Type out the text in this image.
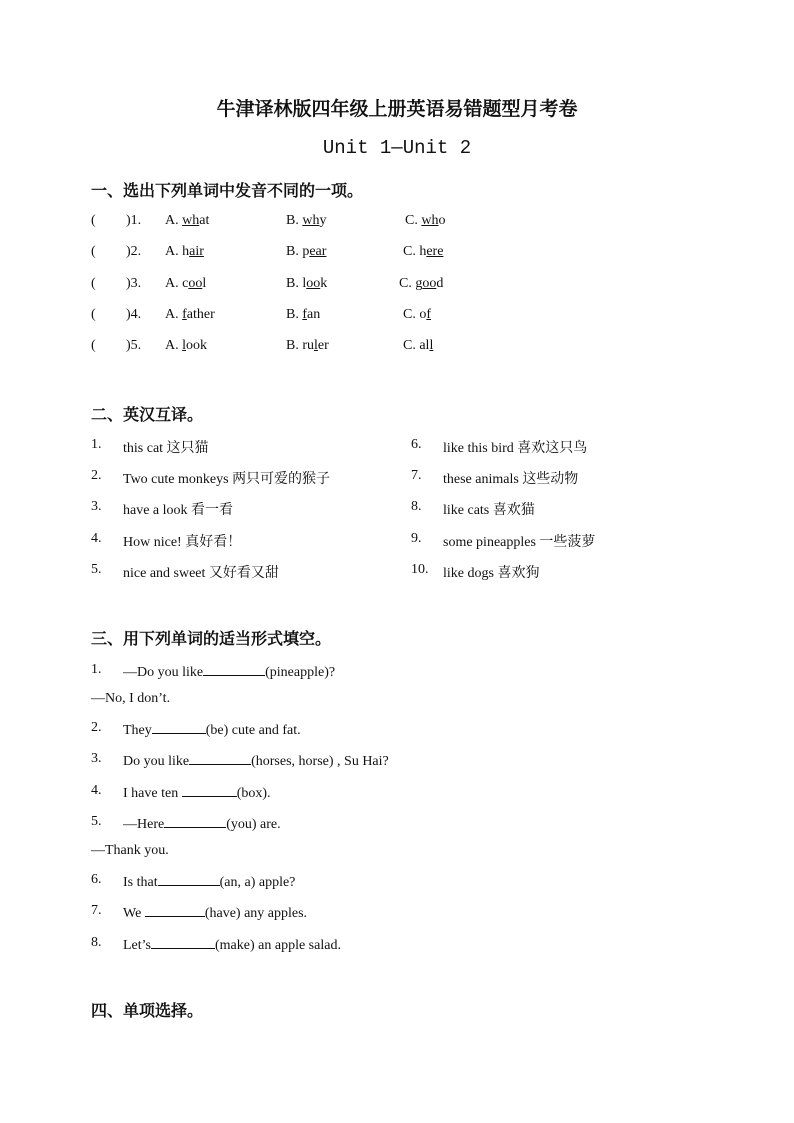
牛津译林版四年级上册英语易错题型月考卷
Unit 1—Unit 2
一、选出下列单词中发音不同的一项。
( )1. A. what	B. why	C. who
( )2. A. hair	B. pear	C. here
( )3. A. cool	B. look	C. good
( )4. A. father	B. fan	C. of
( )5. A. look	B. ruler	C. all
二、英汉互译。
1. this cat 这只猫	6. like this bird 喜欢这只鸟
2. Two cute monkeys 两只可爱的猴子	7. these animals 这些动物
3. have a look 看一看	8. like cats 喜欢猫
4. How nice! 真好看！	9. some pineapples 一些菠萝
5. nice and sweet 又好看又甜	10. like dogs 喜欢狗
三、用下列单词的适当形式填空。
1. —Do you like	(pineapple)?
—No, I don’t.
2. They	(be) cute and fat.
3. Do you like	(horses, horse) , Su Hai?
4. I have ten	(box).
5. —Here	(you) are.
—Thank you.
6. Is that	(an, a) apple?
7. We	(have) any apples.
8. Let’s	(make) an apple salad.
四、单项选择。
